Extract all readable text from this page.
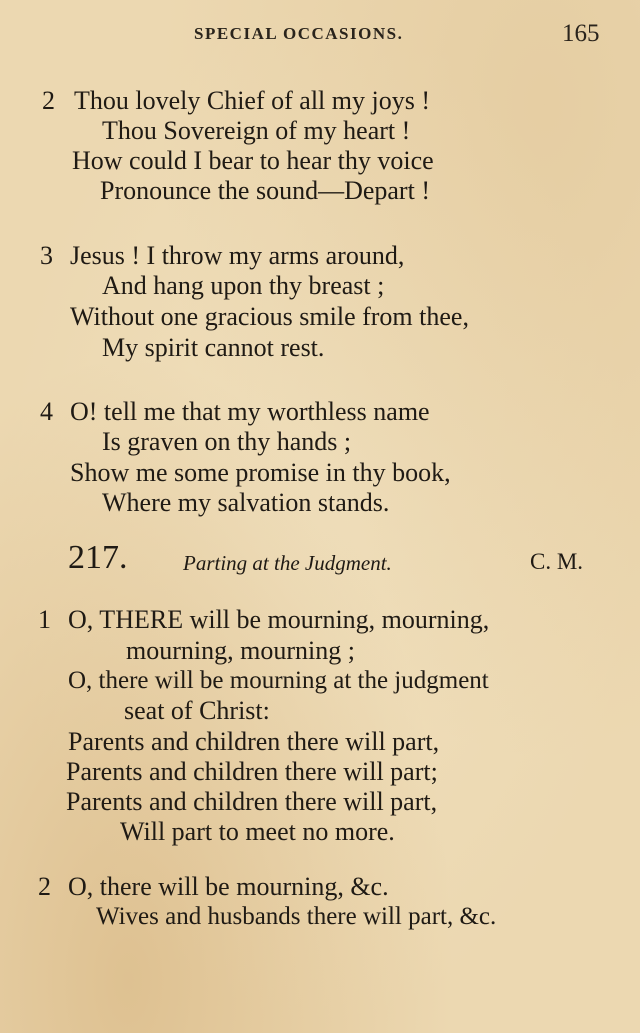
SPECIAL OCCASIONS.	165
2 Thou lovely Chief of all my joys !
Thou Sovereign of my heart !
How could I bear to hear thy voice
Pronounce the sound—Depart !
3 Jesus ! I throw my arms around,
And hang upon thy breast ;
Without one gracious smile from thee,
My spirit cannot rest.
4 O! tell me that my worthless name
Is graven on thy hands ;
Show me some promise in thy book,
Where my salvation stands.
217.	Parting at the Judgment.	C. M.
1 O, THERE will be mourning, mourning,
mourning, mourning ;
O, there will be mourning at the judgment
seat of Christ:
Parents and children there will part,
Parents and children there will part;
Parents and children there will part,
Will part to meet no more.
2 O, there will be mourning, &c.
Wives and husbands there will part, &c.
